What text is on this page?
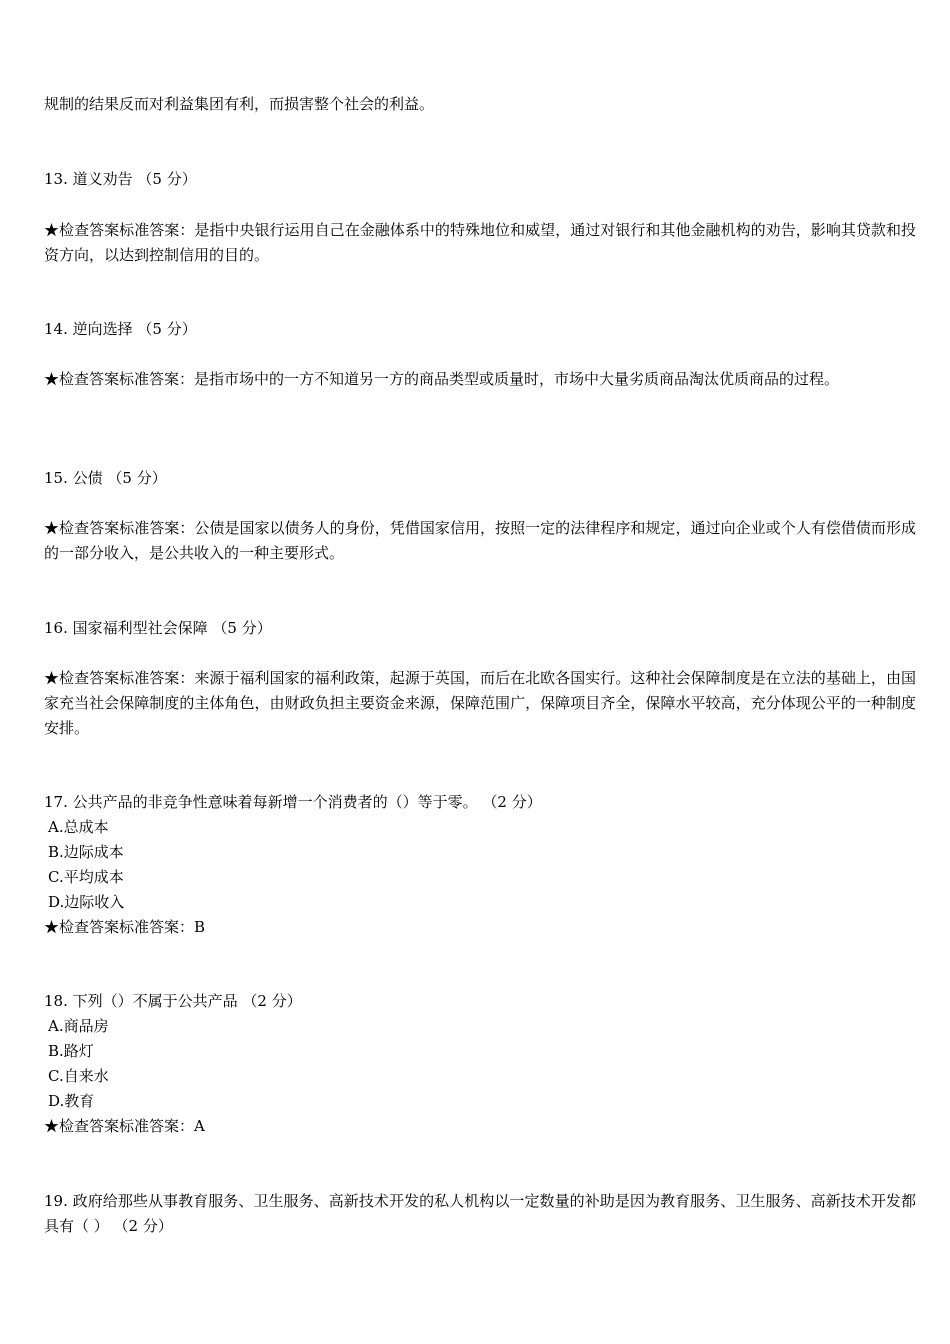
规制的结果反而对利益集团有利，而损害整个社会的利益。
13. 道义劝告 （5 分）
★检查答案标准答案：是指中央银行运用自己在金融体系中的特殊地位和威望，通过对银行和其他金融机构的劝告，影响其贷款和投资方向，以达到控制信用的目的。
14. 逆向选择 （5 分）
★检查答案标准答案：是指市场中的一方不知道另一方的商品类型或质量时，市场中大量劣质商品淘汰优质商品的过程。
15. 公债 （5 分）
★检查答案标准答案：公债是国家以债务人的身份，凭借国家信用，按照一定的法律程序和规定，通过向企业或个人有偿借债而形成的一部分收入，是公共收入的一种主要形式。
16. 国家福利型社会保障 （5 分）
★检查答案标准答案：来源于福利国家的福利政策，起源于英国，而后在北欧各国实行。这种社会保障制度是在立法的基础上，由国家充当社会保障制度的主体角色，由财政负担主要资金来源，保障范围广，保障项目齐全，保障水平较高，充分体现公平的一种制度安排。
17. 公共产品的非竞争性意味着每新增一个消费者的（）等于零。 （2 分）
A.总成本
B.边际成本
C.平均成本
D.边际收入
★检查答案标准答案：B
18. 下列（）不属于公共产品 （2 分）
A.商品房
B.路灯
C.自来水
D.教育
★检查答案标准答案：A
19. 政府给那些从事教育服务、卫生服务、高新技术开发的私人机构以一定数量的补助是因为教育服务、卫生服务、高新技术开发都具有（ ） （2 分）
